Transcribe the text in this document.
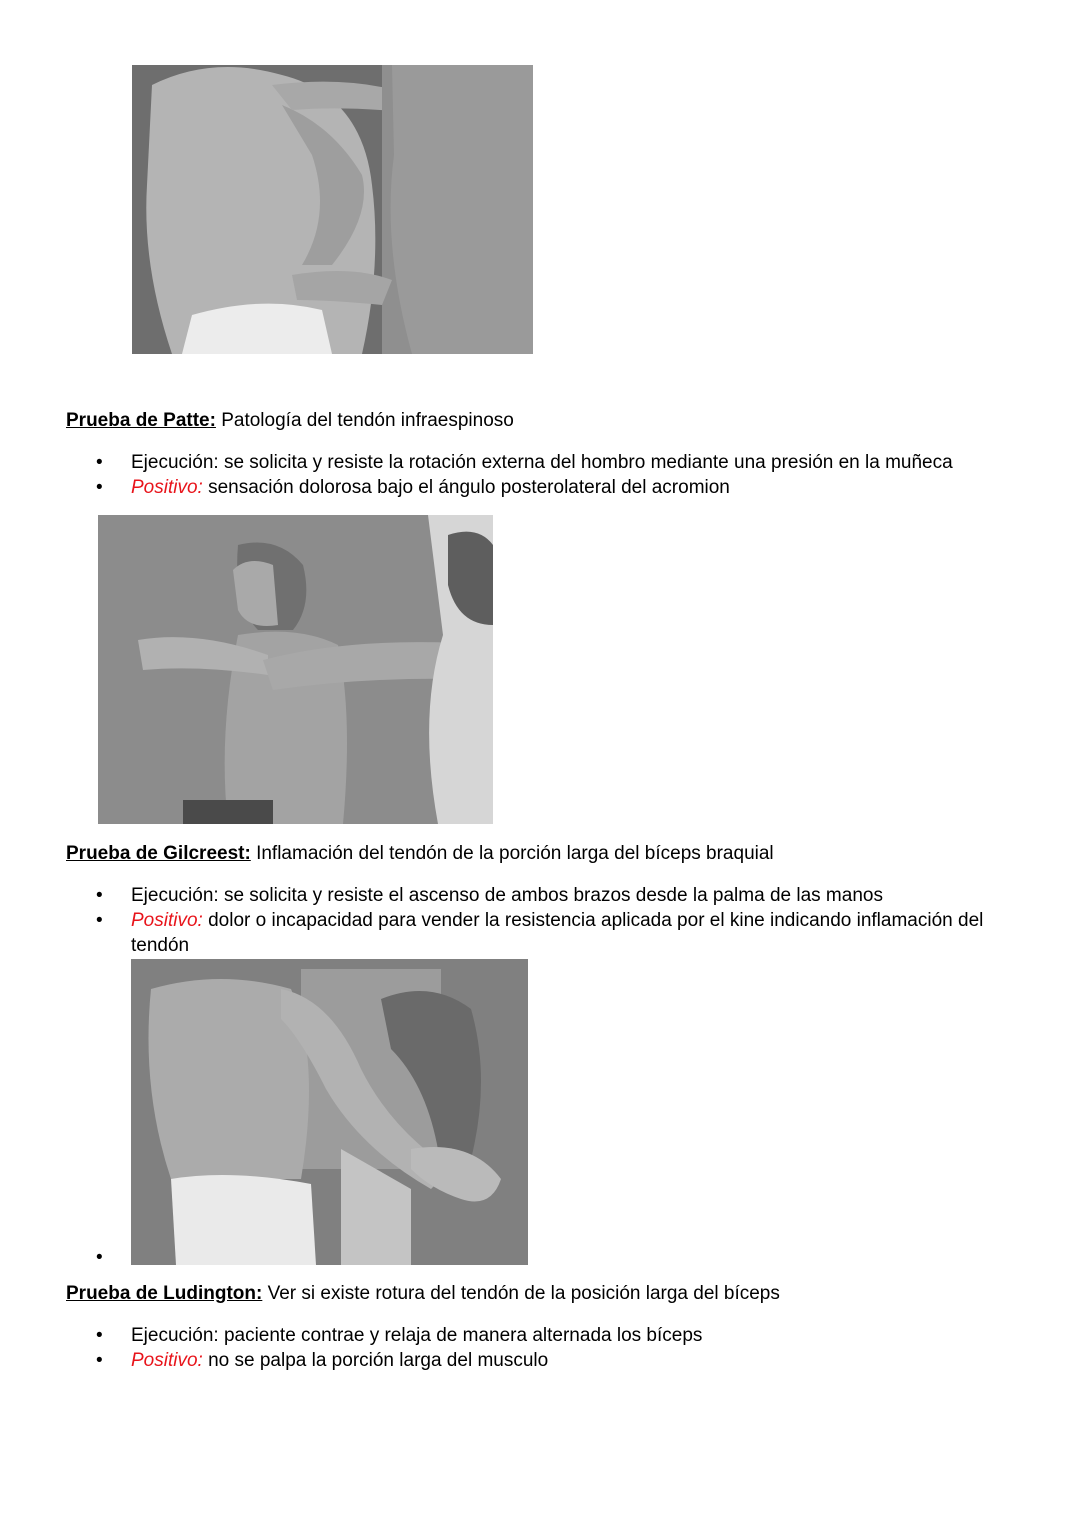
Prueba de Patte: Patología del tendón infraespinoso
• Ejecución: se solicita y resiste la rotación externa del hombro mediante una presión en la muñeca
• Positivo: sensación dolorosa bajo el ángulo posterolateral del acromion
Prueba de Gilcreest: Inflamación del tendón de la porción larga del bíceps braquial
• Ejecución: se solicita y resiste el ascenso de ambos brazos desde la palma de las manos
• Positivo: dolor o incapacidad para vender la resistencia aplicada por el kine indicando inflamación del tendón
•
Prueba de Ludington: Ver si existe rotura del tendón de la posición larga del bíceps
• Ejecución: paciente contrae y relaja de manera alternada los bíceps
• Positivo: no se palpa la porción larga del musculo
